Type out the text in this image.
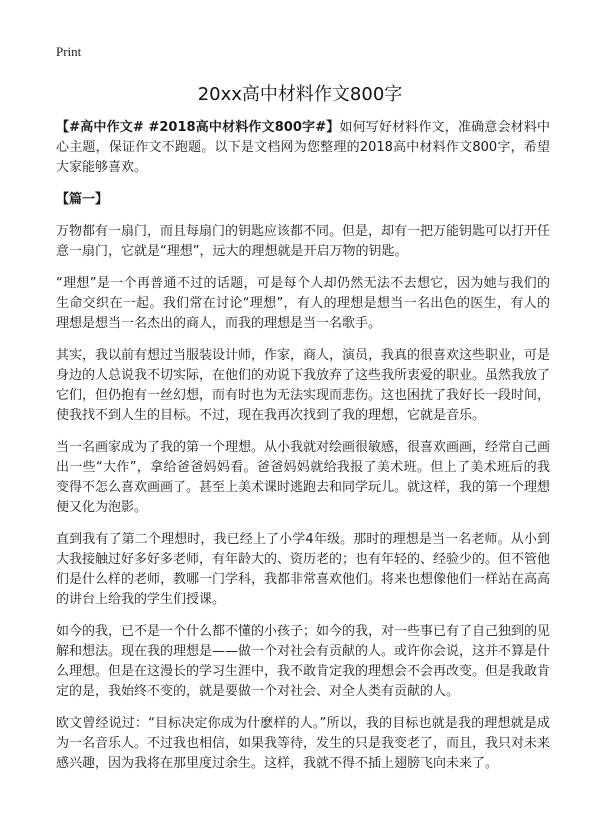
Print
20xx高中材料作文800字

【#高中作文# #2018高中材料作文800字#】如何写好材料作文，准确意会材料中心主题，保证作文不跑题。以下是文档网为您整理的2018高中材料作文800字，希望大家能够喜欢。

【篇一】

万物都有一扇门，而且每扇门的钥匙应该都不同。但是，却有一把万能钥匙可以打开任意一扇门，它就是“理想”，远大的理想就是开启万物的钥匙。

“理想”是一个再普通不过的话题，可是每个人却仍然无法不去想它，因为她与我们的生命交织在一起。我们常在讨论“理想”，有人的理想是想当一名出色的医生，有人的理想是想当一名杰出的商人，而我的理想是当一名歌手。

其实，我以前有想过当服装设计师，作家，商人，演员，我真的很喜欢这些职业，可是身边的人总说我不切实际，在他们的劝说下我放弃了这些我所衷爱的职业。虽然我放了它们，但仍抱有一丝幻想，而有时也为无法实现而悲伤。这也困扰了我好长一段时间，使我找不到人生的目标。不过，现在我再次找到了我的理想，它就是音乐。

当一名画家成为了我的第一个理想。从小我就对绘画很敏感，很喜欢画画，经常自己画出一些“大作”，拿给爸爸妈妈看。爸爸妈妈就给我报了美术班。但上了美术班后的我变得不怎么喜欢画画了。甚至上美术课时逃跑去和同学玩儿。就这样，我的第一个理想便又化为泡影。

直到我有了第二个理想时，我已经上了小学4年级。那时的理想是当一名老师。从小到大我接触过好多好多老师，有年龄大的、资历老的；也有年轻的、经验少的。但不管他们是什么样的老师，教哪一门学科，我都非常喜欢他们。将来也想像他们一样站在高高的讲台上给我的学生们授课。

如今的我，已不是一个什么都不懂的小孩子；如今的我，对一些事已有了自己独到的见解和想法。现在我的理想是——做一个对社会有贡献的人。或许你会说，这并不算是什么理想。但是在这漫长的学习生涯中，我不敢肯定我的理想会不会再改变。但是我敢肯定的是，我始终不变的，就是要做一个对社会、对全人类有贡献的人。

欧文曾经说过：“目标决定你成为什麽样的人。”所以，我的目标也就是我的理想就是成为一名音乐人。不过我也相信，如果我等待，发生的只是我变老了，而且，我只对未来感兴趣，因为我将在那里度过余生。这样，我就不得不插上翅膀飞向未来了。
